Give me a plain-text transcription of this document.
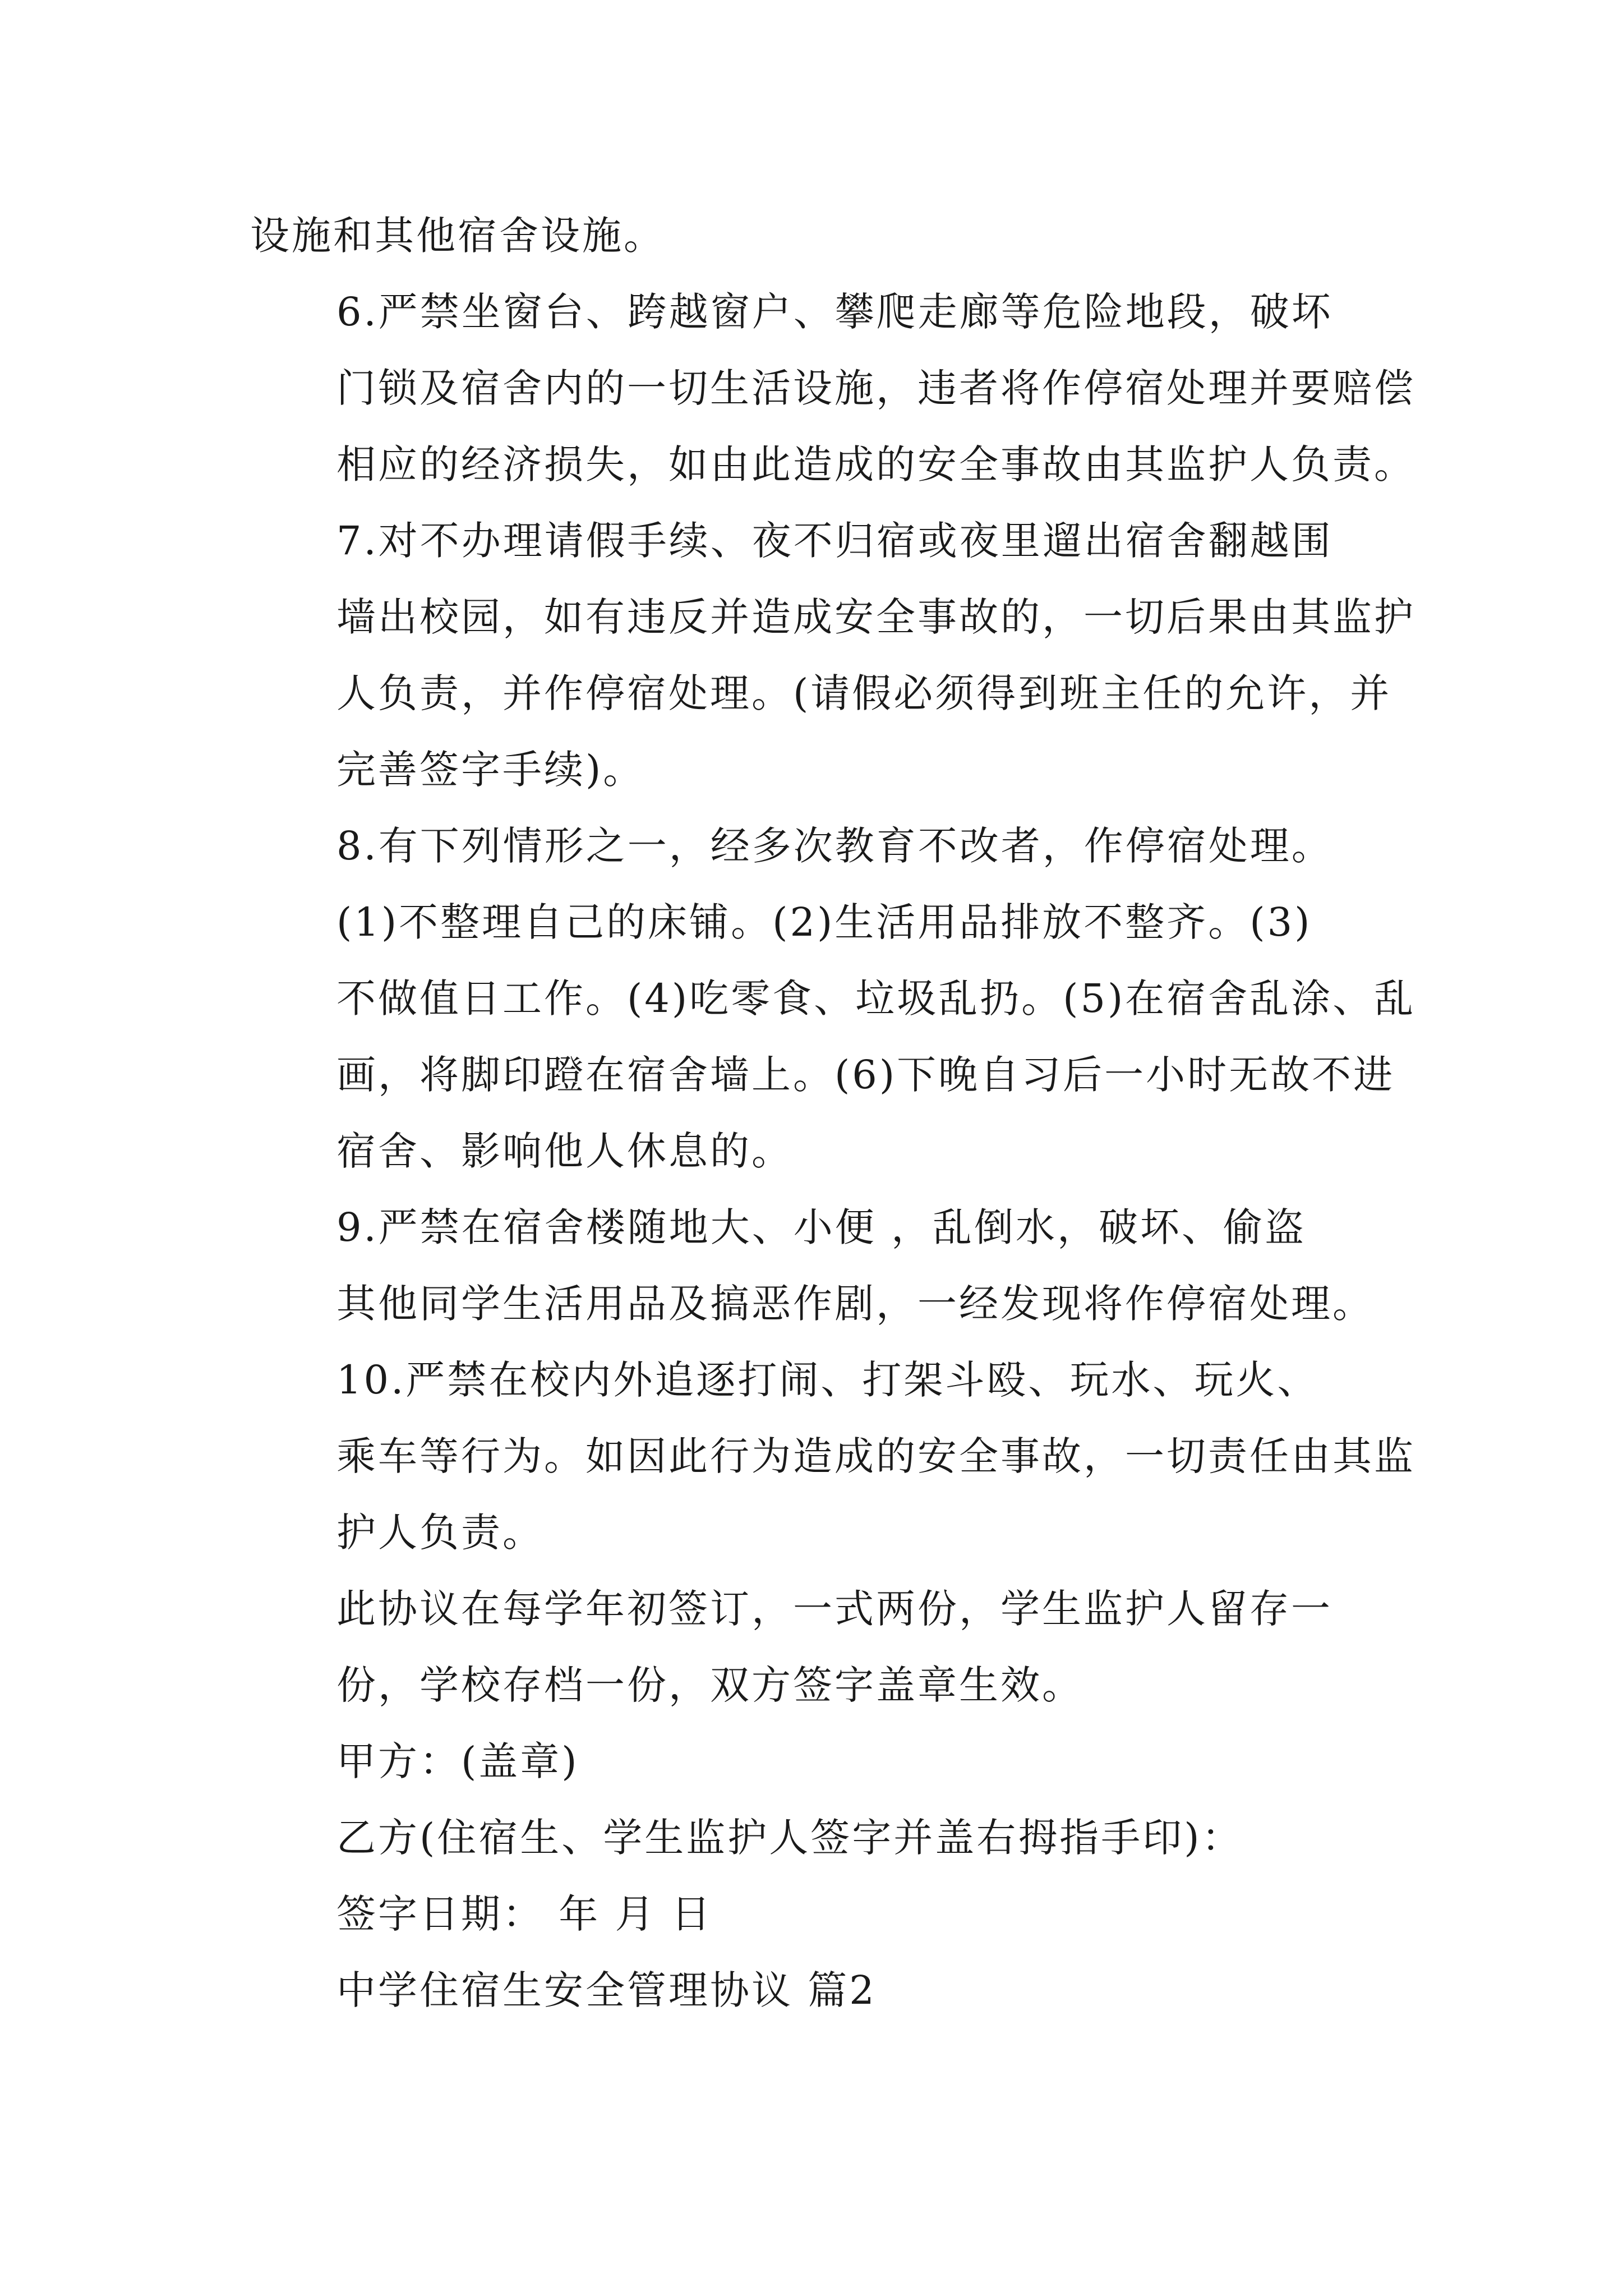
设施和其他宿舍设施。

6.严禁坐窗台、跨越窗户、攀爬走廊等危险地段，破坏
门锁及宿舍内的一切生活设施，违者将作停宿处理并要赔偿
相应的经济损失，如由此造成的安全事故由其监护人负责。

7.对不办理请假手续、夜不归宿或夜里遛出宿舍翻越围
墙出校园，如有违反并造成安全事故的，一切后果由其监护
人负责，并作停宿处理。(请假必须得到班主任的允许，并
完善签字手续)。

8.有下列情形之一，经多次教育不改者，作停宿处理。

(1)不整理自己的床铺。(2)生活用品排放不整齐。(3)
不做值日工作。(4)吃零食、垃圾乱扔。(5)在宿舍乱涂、乱
画，将脚印蹬在宿舍墙上。(6)下晚自习后一小时无故不进
宿舍、影响他人休息的。

9.严禁在宿舍楼随地大、小便 ，乱倒水，破坏、偷盗
其他同学生活用品及搞恶作剧，一经发现将作停宿处理。

10.严禁在校内外追逐打闹、打架斗殴、玩水、玩火、
乘车等行为。如因此行为造成的安全事故，一切责任由其监
护人负责。

此协议在每学年初签订，一式两份，学生监护人留存一
份，学校存档一份，双方签字盖章生效。

甲方：(盖章)

乙方(住宿生、学生监护人签字并盖右拇指手印)：

签字日期： 年 月 日

中学住宿生安全管理协议 篇2
